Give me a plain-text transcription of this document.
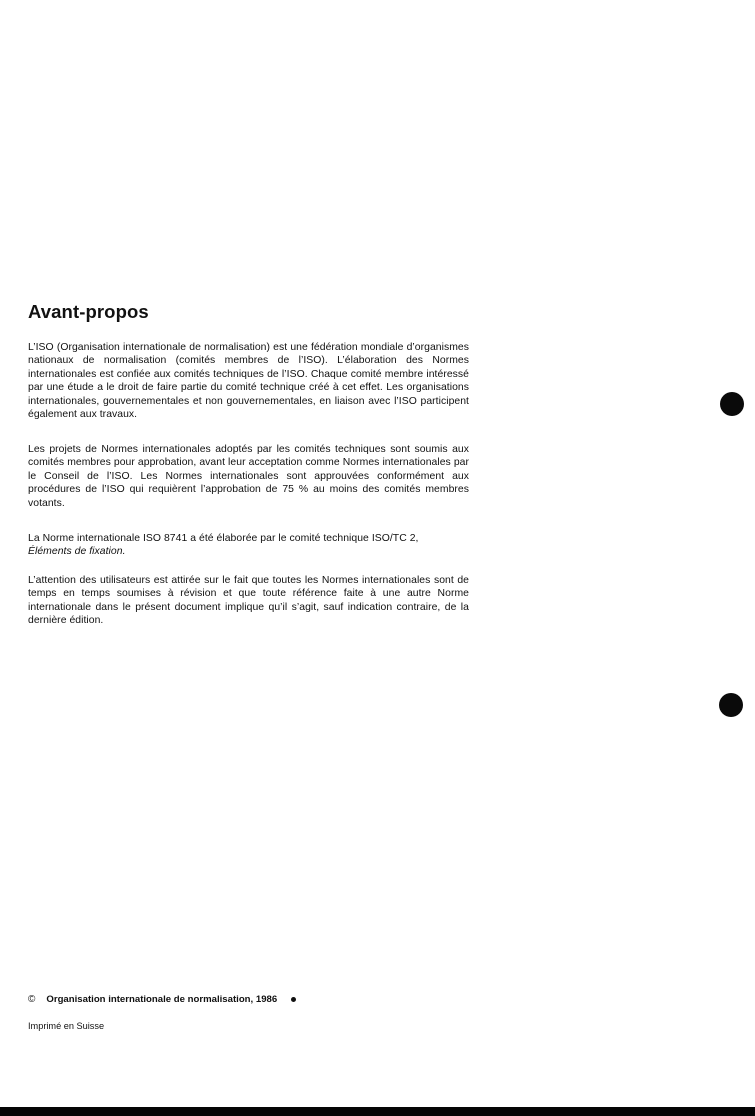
Avant-propos

L’ISO (Organisation internationale de normalisation) est une fédération mondiale d’organismes nationaux de normalisation (comités membres de l’ISO). L’élaboration des Normes internationales est confiée aux comités techniques de l’ISO. Chaque comité membre intéressé par une étude a le droit de faire partie du comité technique créé à cet effet. Les organisations internationales, gouvernementales et non gouvernementales, en liaison avec l’ISO participent également aux travaux.

Les projets de Normes internationales adoptés par les comités techniques sont soumis aux comités membres pour approbation, avant leur acceptation comme Normes internationales par le Conseil de l’ISO. Les Normes internationales sont approuvées conformément aux procédures de l’ISO qui requièrent l’approbation de 75 % au moins des comités membres votants.

La Norme internationale ISO 8741 a été élaborée par le comité technique ISO/TC 2,
Éléments de fixation.

L’attention des utilisateurs est attirée sur le fait que toutes les Normes internationales sont de temps en temps soumises à révision et que toute référence faite à une autre Norme internationale dans le présent document implique qu’il s’agit, sauf indication contraire, de la dernière édition.

© Organisation internationale de normalisation, 1986
Imprimé en Suisse
